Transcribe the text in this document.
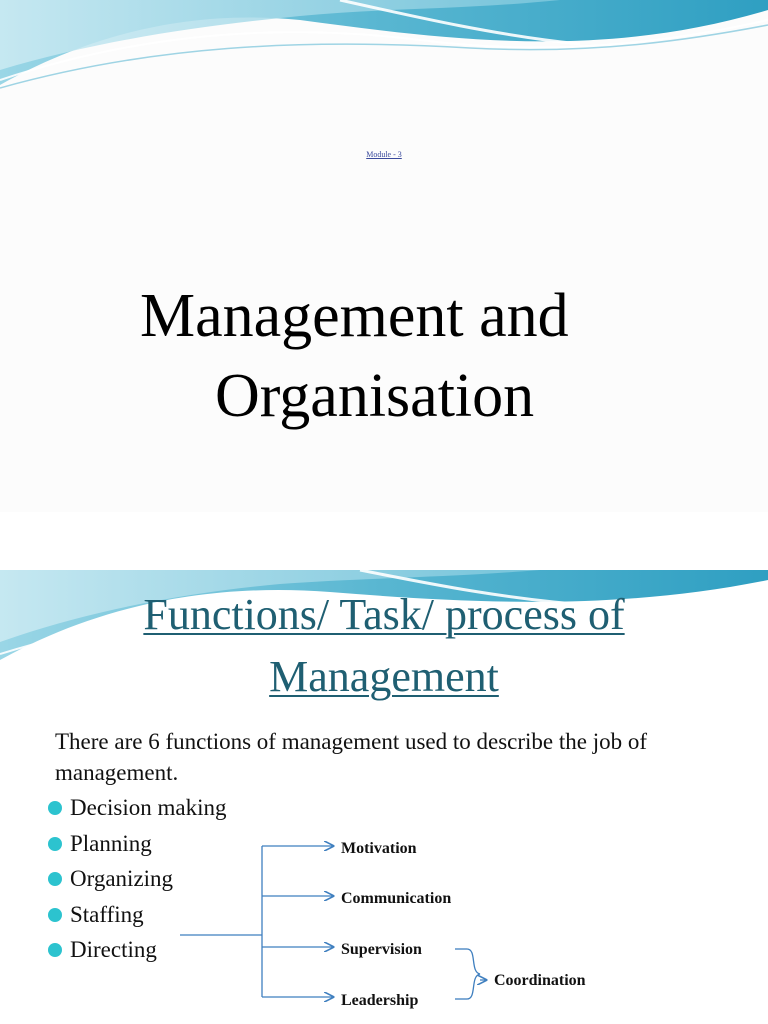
Module - 3
Management and
Organisation
Functions/ Task/ process of
Management
There are 6 functions of management used to describe the job of
management.
Decision making
Planning
Organizing
Staffing
Directing
Motivation
Communication
Supervision
Leadership
Coordination
